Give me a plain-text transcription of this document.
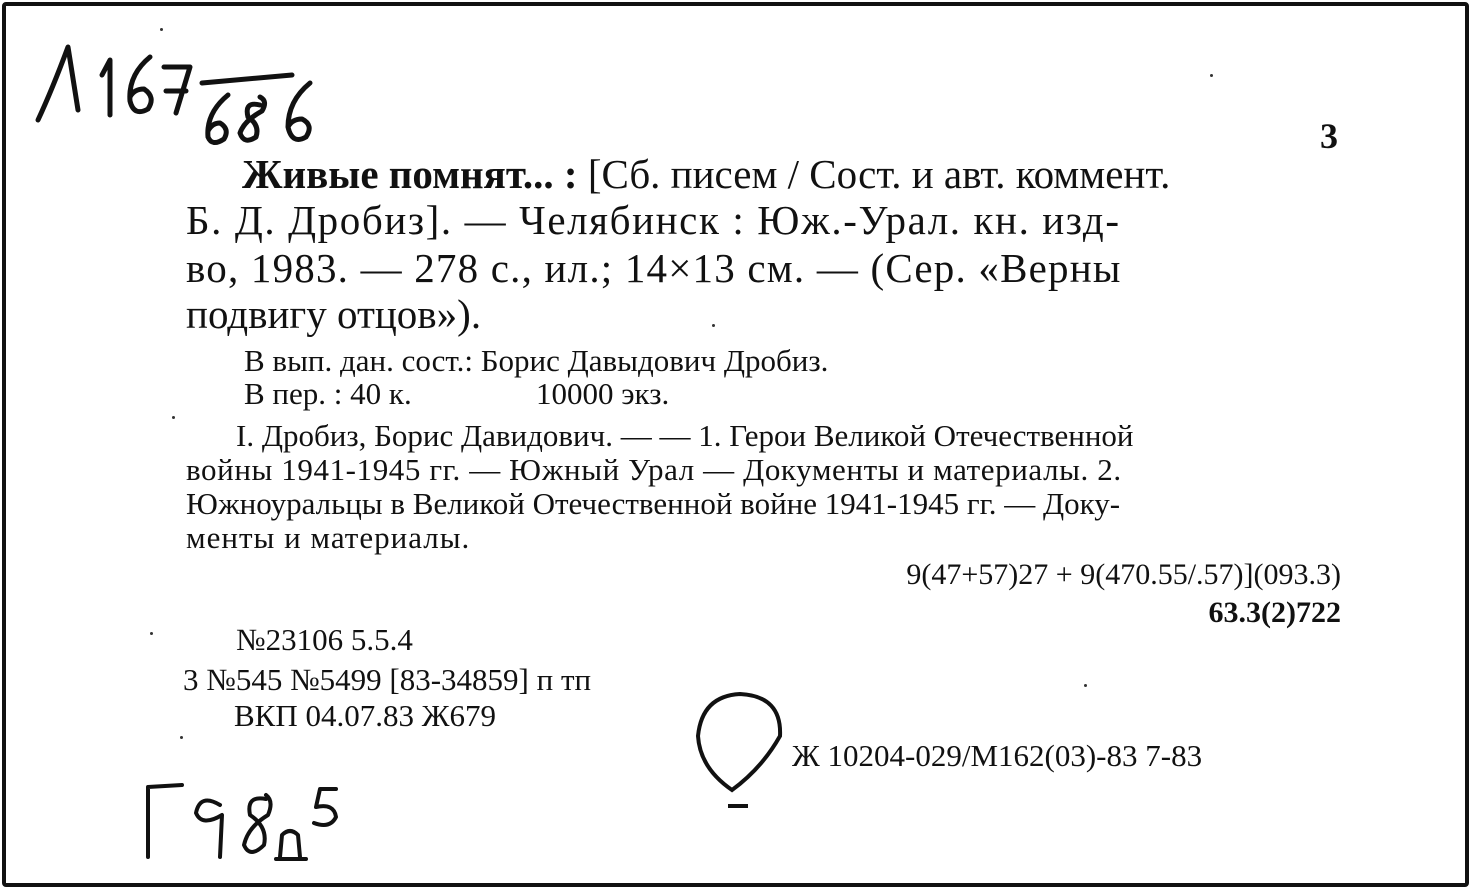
3
Живые помнят... : [Сб. писем / Сост. и авт. коммент.
Б. Д. Дробиз]. — Челябинск : Юж.-Урал. кн. изд-
во, 1983. — 278 с., ил.; 14×13 см. — (Сер. «Верны
подвигу отцов»).
В вып. дан. сост.: Борис Давыдович Дробиз.
В пер. : 40 к.	10000 экз.
I. Дробиз, Борис Давидович. — — 1. Герои Великой Отечественной
войны 1941-1945 гг. — Южный Урал — Документы и материалы. 2.
Южноуральцы в Великой Отечественной войне 1941-1945 гг. — Доку-
менты и материалы.
9(47+57)27 + 9(470.55/.57)](093.3)
63.3(2)722
№23106 5.5.4
3 №545 №5499 [83-34859] п тп
ВКП 04.07.83 Ж679
Ж 10204-029/М162(03)-83 7-83
